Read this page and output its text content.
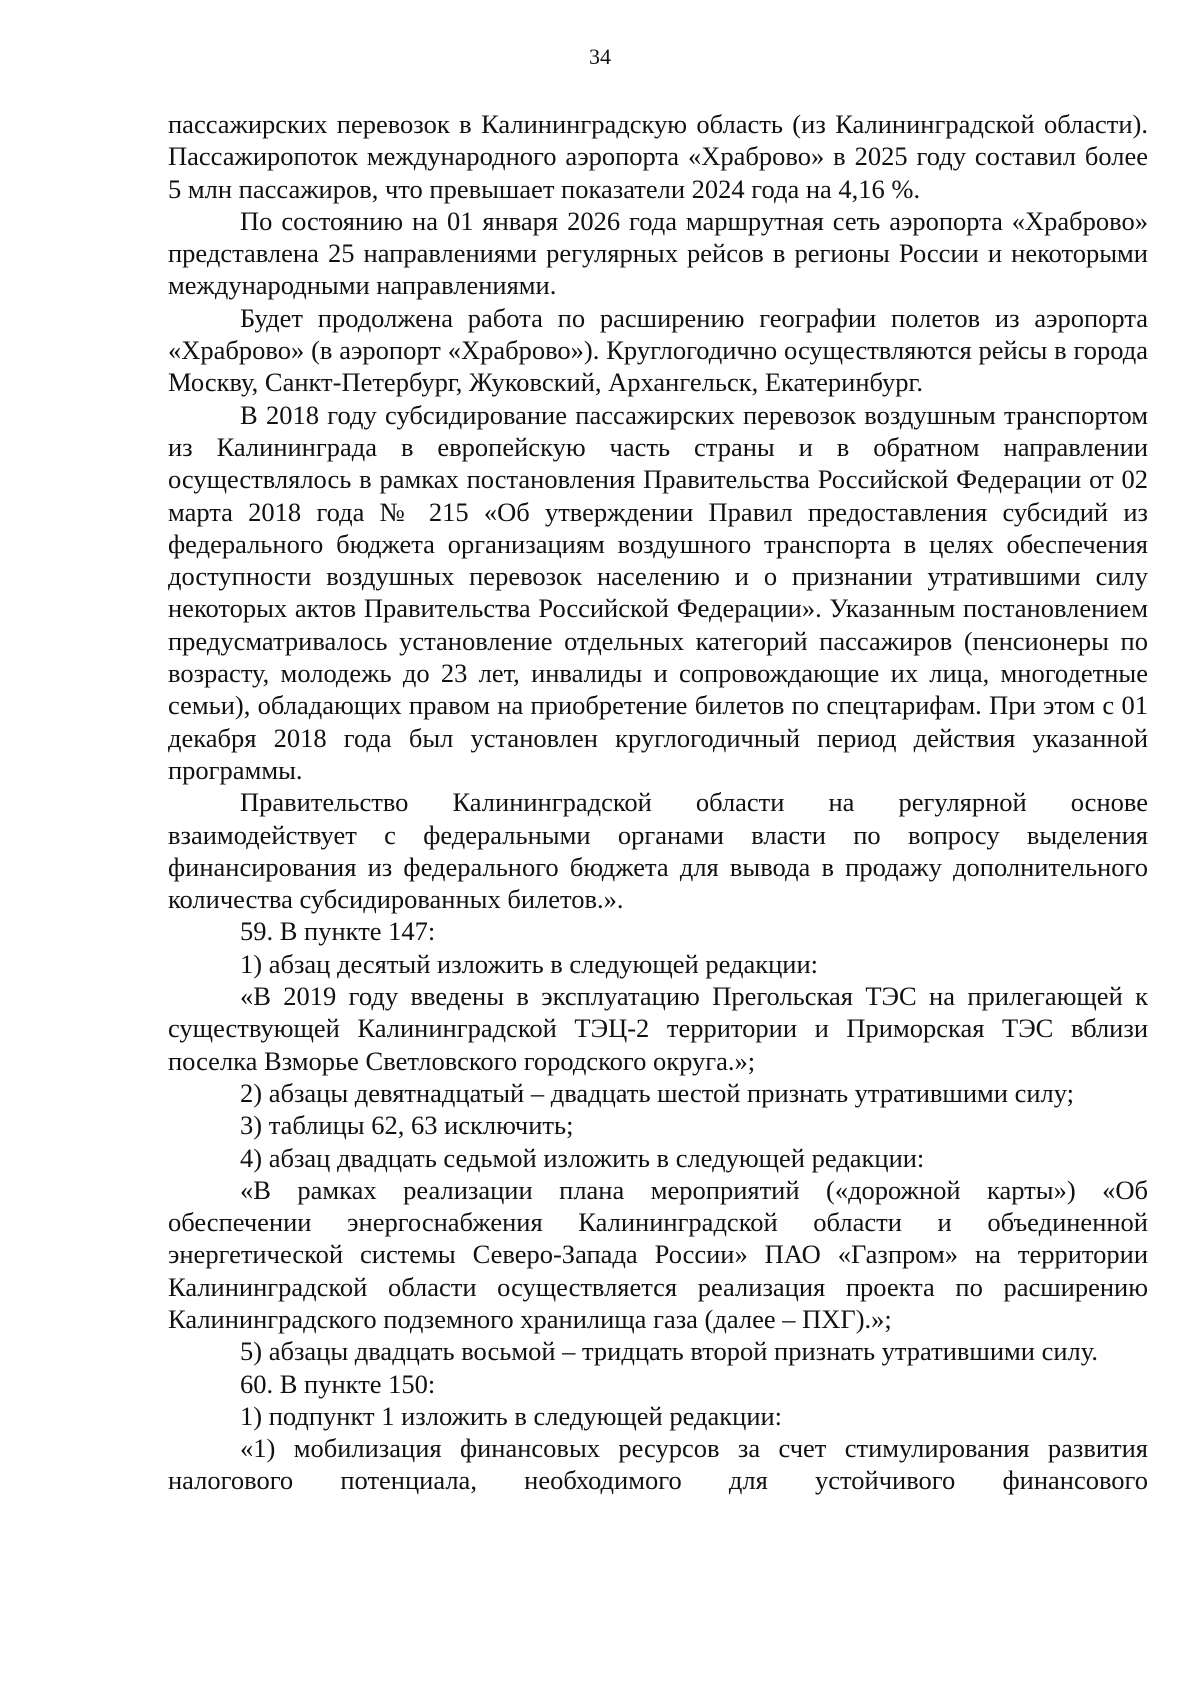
34

пассажирских перевозок в Калининградскую область (из Калининградской области). Пассажиропоток международного аэропорта «Храброво» в 2025 году составил более 5 млн пассажиров, что превышает показатели 2024 года на 4,16 %.

По состоянию на 01 января 2026 года маршрутная сеть аэропорта «Храброво» представлена 25 направлениями регулярных рейсов в регионы России и некоторыми международными направлениями.

Будет продолжена работа по расширению географии полетов из аэропорта «Храброво» (в аэропорт «Храброво»). Круглогодично осуществляются рейсы в города Москву, Санкт-Петербург, Жуковский, Архангельск, Екатеринбург.

В 2018 году субсидирование пассажирских перевозок воздушным транспортом из Калининграда в европейскую часть страны и в обратном направлении осуществлялось в рамках постановления Правительства Российской Федерации от 02 марта 2018 года № 215 «Об утверждении Правил предоставления субсидий из федерального бюджета организациям воздушного транспорта в целях обеспечения доступности воздушных перевозок населению и о признании утратившими силу некоторых актов Правительства Российской Федерации». Указанным постановлением предусматривалось установление отдельных категорий пассажиров (пенсионеры по возрасту, молодежь до 23 лет, инвалиды и сопровождающие их лица, многодетные семьи), обладающих правом на приобретение билетов по спецтарифам. При этом с 01 декабря 2018 года был установлен круглогодичный период действия указанной программы.

Правительство Калининградской области на регулярной основе взаимодействует с федеральными органами власти по вопросу выделения финансирования из федерального бюджета для вывода в продажу дополнительного количества субсидированных билетов.».

59. В пункте 147:

1) абзац десятый изложить в следующей редакции:

«В 2019 году введены в эксплуатацию Прегольская ТЭС на прилегающей к существующей Калининградской ТЭЦ-2 территории и Приморская ТЭС вблизи поселка Взморье Светловского городского округа.»;

2) абзацы девятнадцатый – двадцать шестой признать утратившими силу;

3) таблицы 62, 63 исключить;

4) абзац двадцать седьмой изложить в следующей редакции:

«В рамках реализации плана мероприятий («дорожной карты») «Об обеспечении энергоснабжения Калининградской области и объединенной энергетической системы Северо-Запада России» ПАО «Газпром» на территории Калининградской области осуществляется реализация проекта по расширению Калининградского подземного хранилища газа (далее – ПХГ).»;

5) абзацы двадцать восьмой – тридцать второй признать утратившими силу.

60. В пункте 150:

1) подпункт 1 изложить в следующей редакции:

«1) мобилизация финансовых ресурсов за счет стимулирования развития налогового потенциала, необходимого для устойчивого финансового
